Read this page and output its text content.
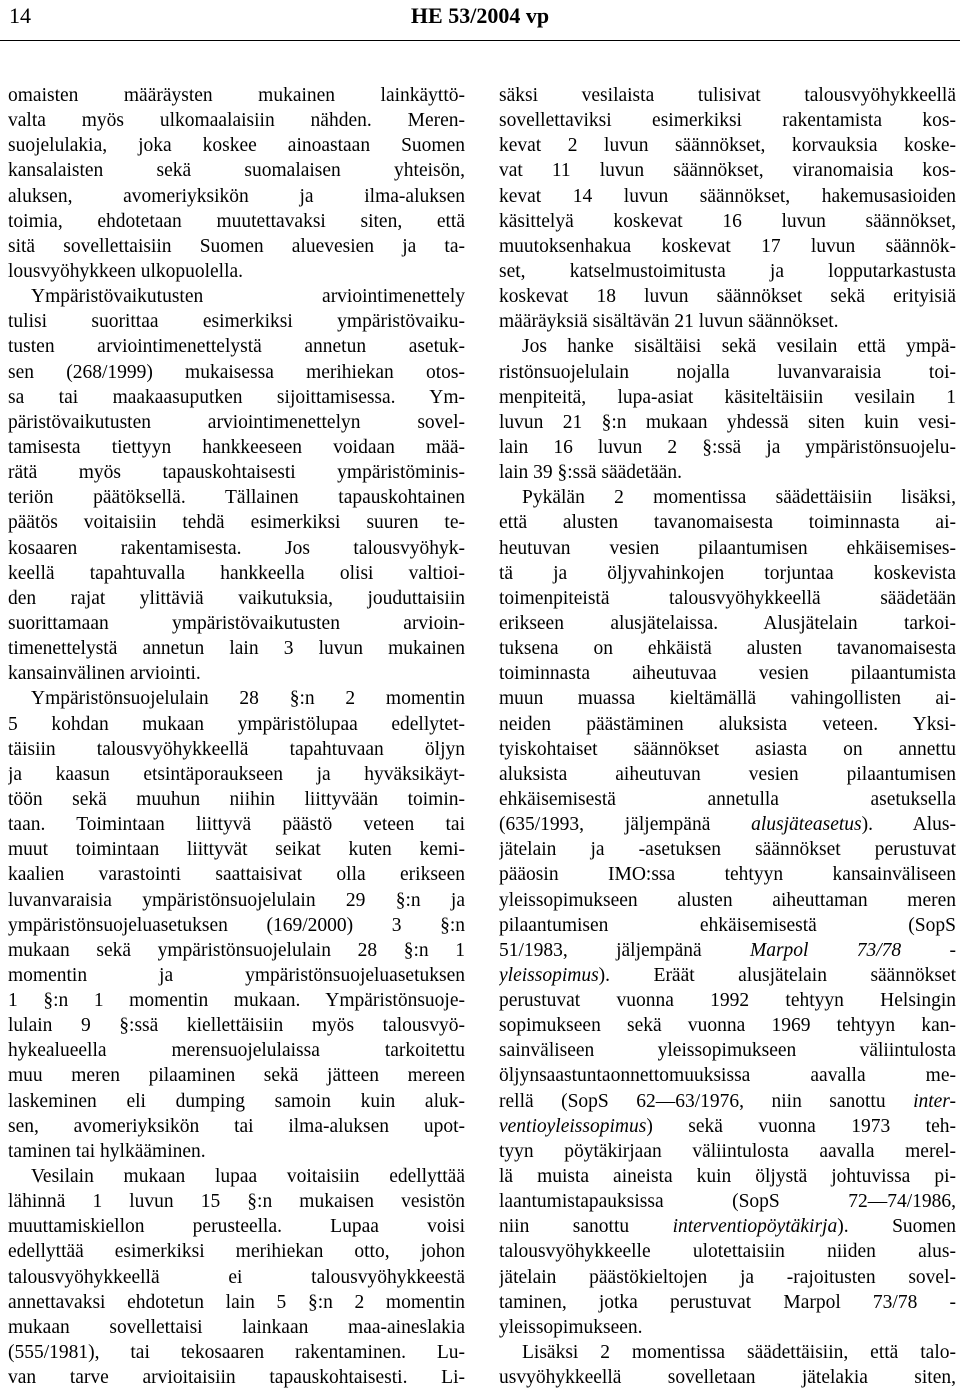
14	HE 53/2004 vp
omaisten määräysten mukainen lainkäyttö-
valta myös ulkomaalaisiin nähden. Meren-
suojelulakia, joka koskee ainoastaan Suomen
kansalaisten sekä suomalaisen yhteisön,
aluksen, avomeriyksikön ja ilma-aluksen
toimia, ehdotetaan muutettavaksi siten, että
sitä sovellettaisiin Suomen aluevesien ja ta-
lousvyöhykkeen ulkopuolella.
Ympäristövaikutusten arviointimenettely
tulisi suorittaa esimerkiksi ympäristövaiku-
tusten arviointimenettelystä annetun asetuk-
sen (268/1999) mukaisessa merihiekan otos-
sa tai maakaasuputken sijoittamisessa. Ym-
päristövaikutusten arviointimenettelyn sovel-
tamisesta tiettyyn hankkeeseen voidaan mää-
rätä myös tapauskohtaisesti ympäristöminis-
teriön päätöksellä. Tällainen tapauskohtainen
päätös voitaisiin tehdä esimerkiksi suuren te-
kosaaren rakentamisesta. Jos talousvyöhyk-
keellä tapahtuvalla hankkeella olisi valtioi-
den rajat ylittäviä vaikutuksia, jouduttaisiin
suorittamaan ympäristövaikutusten arvioin-
timenettelystä annetun lain 3 luvun mukainen
kansainvälinen arviointi.
Ympäristönsuojelulain 28 §:n 2 momentin
5 kohdan mukaan ympäristölupaa edellytet-
täisiin talousvyöhykkeellä tapahtuvaan öljyn
ja kaasun etsintäporaukseen ja hyväksikäyt-
töön sekä muuhun niihin liittyvään toimin-
taan. Toimintaan liittyvä päästö veteen tai
muut toimintaan liittyvät seikat kuten kemi-
kaalien varastointi saattaisivat olla erikseen
luvanvaraisia ympäristönsuojelulain 29 §:n ja
ympäristönsuojeluasetuksen (169/2000) 3 §:n
mukaan sekä ympäristönsuojelulain 28 §:n 1
momentin ja ympäristönsuojeluasetuksen
1 §:n 1 momentin mukaan. Ympäristönsuoje-
lulain 9 §:ssä kiellettäisiin myös talousvyö-
hykealueella merensuojelulaissa tarkoitettu
muu meren pilaaminen sekä jätteen mereen
laskeminen eli dumping samoin kuin aluk-
sen, avomeriyksikön tai ilma-aluksen upot-
taminen tai hylkääminen.
Vesilain mukaan lupaa voitaisiin edellyttää
lähinnä 1 luvun 15 §:n mukaisen vesistön
muuttamiskiellon perusteella. Lupaa voisi
edellyttää esimerkiksi merihiekan otto, johon
talousvyöhykkeellä ei talousvyöhykkeestä
annettavaksi ehdotetun lain 5 §:n 2 momentin
mukaan sovellettaisi lainkaan maa-aineslakia
(555/1981), tai tekosaaren rakentaminen. Lu-
van tarve arvioitaisiin tapauskohtaisesti. Li-
säksi vesilaista tulisivat talousvyöhykkeellä
sovellettaviksi esimerkiksi rakentamista kos-
kevat 2 luvun säännökset, korvauksia koske-
vat 11 luvun säännökset, viranomaisia kos-
kevat 14 luvun säännökset, hakemusasioiden
käsittelyä koskevat 16 luvun säännökset,
muutoksenhakua koskevat 17 luvun säännök-
set, katselmustoimitusta ja lopputarkastusta
koskevat 18 luvun säännökset sekä erityisiä
määräyksiä sisältävän 21 luvun säännökset.
Jos hanke sisältäisi sekä vesilain että ympä-
ristönsuojelulain nojalla luvanvaraisia toi-
menpiteitä, lupa-asiat käsiteltäisiin vesilain 1
luvun 21 §:n mukaan yhdessä siten kuin vesi-
lain 16 luvun 2 §:ssä ja ympäristönsuojelu-
lain 39 §:ssä säädetään.
Pykälän 2 momentissa säädettäisiin lisäksi,
että alusten tavanomaisesta toiminnasta ai-
heutuvan vesien pilaantumisen ehkäisemises-
tä ja öljyvahinkojen torjuntaa koskevista
toimenpiteistä talousvyöhykkeellä säädetään
erikseen alusjätelaissa. Alusjätelain tarkoi-
tuksena on ehkäistä alusten tavanomaisesta
toiminnasta aiheutuvaa vesien pilaantumista
muun muassa kieltämällä vahingollisten ai-
neiden päästäminen aluksista veteen. Yksi-
tyiskohtaiset säännökset asiasta on annettu
aluksista aiheutuvan vesien pilaantumisen
ehkäisemisestä annetulla asetuksella
(635/1993, jäljempänä alusjäteasetus). Alus-
jätelain ja -asetuksen säännökset perustuvat
pääosin IMO:ssa tehtyyn kansainväliseen
yleissopimukseen alusten aiheuttaman meren
pilaantumisen ehkäisemisestä (SopS
51/1983, jäljempänä Marpol 73/78 -
yleissopimus). Eräät alusjätelain säännökset
perustuvat vuonna 1992 tehtyyn Helsingin
sopimukseen sekä vuonna 1969 tehtyyn kan-
sainväliseen yleissopimukseen väliintulosta
öljynsaastuntaonnettomuuksissa aavalla me-
rellä (SopS 62—63/1976, niin sanottu inter-
ventioyleissopimus) sekä vuonna 1973 teh-
tyyn pöytäkirjaan väliintulosta aavalla merel-
lä muista aineista kuin öljystä johtuvissa pi-
laantumistapauksissa (SopS 72—74/1986,
niin sanottu interventiopöytäkirja). Suomen
talousvyöhykkeelle ulotettaisiin niiden alus-
jätelain päästökieltojen ja -rajoitusten sovel-
taminen, jotka perustuvat Marpol 73/78 -
yleissopimukseen.
Lisäksi 2 momentissa säädettäisiin, että talo-
usvyöhykkeellä sovelletaan jätelakia siten,
